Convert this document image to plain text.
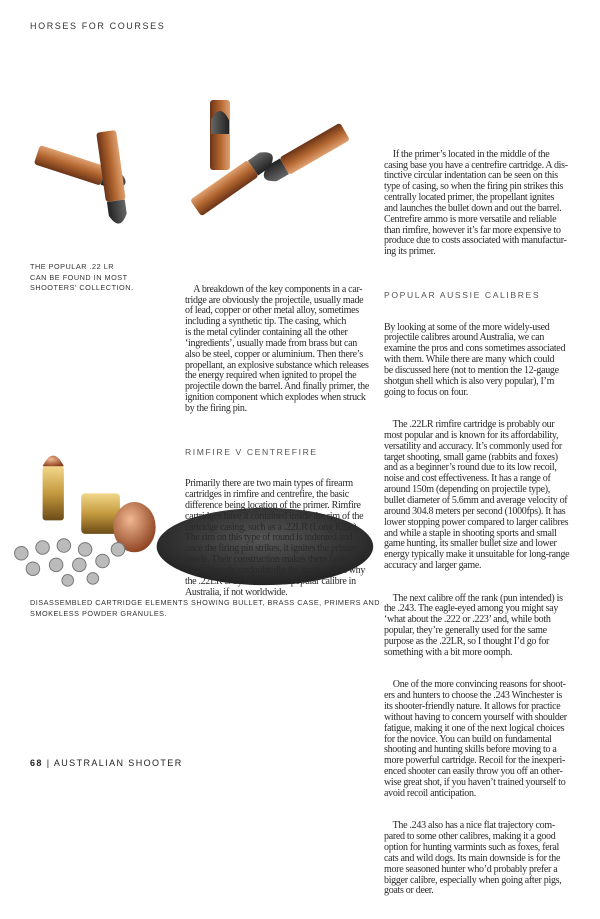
HORSES FOR COURSES
THE POPULAR .22 LR
CAN BE FOUND IN MOST
SHOOTERS' COLLECTION.

	A breakdown of the key components in a car-
tridge are obviously the projectile, usually made
of lead, copper or other metal alloy, sometimes
including a synthetic tip. The casing, which
is the metal cylinder containing all the other
‘ingredients’, usually made from brass but can
also be steel, copper or aluminium. Then there’s
propellant, an explosive substance which releases
the energy required when ignited to propel the
projectile down the barrel. And finally primer, the
ignition component which explodes when struck
by the firing pin.

RIMFIRE V CENTREFIRE

Primarily there are two main types of firearm
cartridges in rimfire and centrefire, the basic
difference being location of the primer. Rimfire
cartridges have it contained inside the rim of the
cartridge casing, such as a .22LR (Long Rifle).
The rim on this type of round is indented and
once the firing pin strikes, it ignites the primer
inside. Their construction makes them fairly
cheap rounds, undoubtedly the main reason why
the .22LR is by far the most popular calibre in
Australia, if not worldwide.

If the primer’s located in the middle of the
casing base you have a centrefire cartridge. A dis-
tinctive circular indentation can be seen on this
type of casing, so when the firing pin strikes this
centrally located primer, the propellant ignites
and launches the bullet down and out the barrel.
Centrefire ammo is more versatile and reliable
than rimfire, however it’s far more expensive to
produce due to costs associated with manufactur-
ing its primer.

POPULAR AUSSIE CALIBRES

By looking at some of the more widely-used
projectile calibres around Australia, we can
examine the pros and cons sometimes associated
with them. While there are many which could
be discussed here (not to mention the 12-gauge
shotgun shell which is also very popular), I’m
going to focus on four.

The .22LR rimfire cartridge is probably our
most popular and is known for its affordability,
versatility and accuracy. It’s commonly used for
target shooting, small game (rabbits and foxes)
and as a beginner’s round due to its low recoil,
noise and cost effectiveness. It has a range of
around 150m (depending on projectile type),
bullet diameter of 5.6mm and average velocity of
around 304.8 meters per second (1000fps). It has
lower stopping power compared to larger calibres
and while a staple in shooting sports and small
game hunting, its smaller bullet size and lower
energy typically make it unsuitable for long-range
accuracy and larger game.

The next calibre off the rank (pun intended) is
the .243. The eagle-eyed among you might say
‘what about the .222 or .223’ and, while both
popular, they’re generally used for the same
purpose as the .22LR, so I thought I’d go for
something with a bit more oomph.

One of the more convincing reasons for shoot-
ers and hunters to choose the .243 Winchester is
its shooter-friendly nature. It allows for practice
without having to concern yourself with shoulder
fatigue, making it one of the next logical choices
for the novice. You can build on fundamental
shooting and hunting skills before moving to a
more powerful cartridge. Recoil for the inexperi-
enced shooter can easily throw you off an other-
wise great shot, if you haven’t trained yourself to
avoid recoil anticipation.

The .243 also has a nice flat trajectory com-
pared to some other calibres, making it a good
option for hunting varmints such as foxes, feral
cats and wild dogs. Its main downside is for the
more seasoned hunter who’d probably prefer a
bigger calibre, especially when going after pigs,
goats or deer.

DISASSEMBLED CARTRIDGE ELEMENTS SHOWING BULLET, BRASS CASE, PRIMERS AND
SMOKELESS POWDER GRANULES.
68 | AUSTRALIAN SHOOTER
